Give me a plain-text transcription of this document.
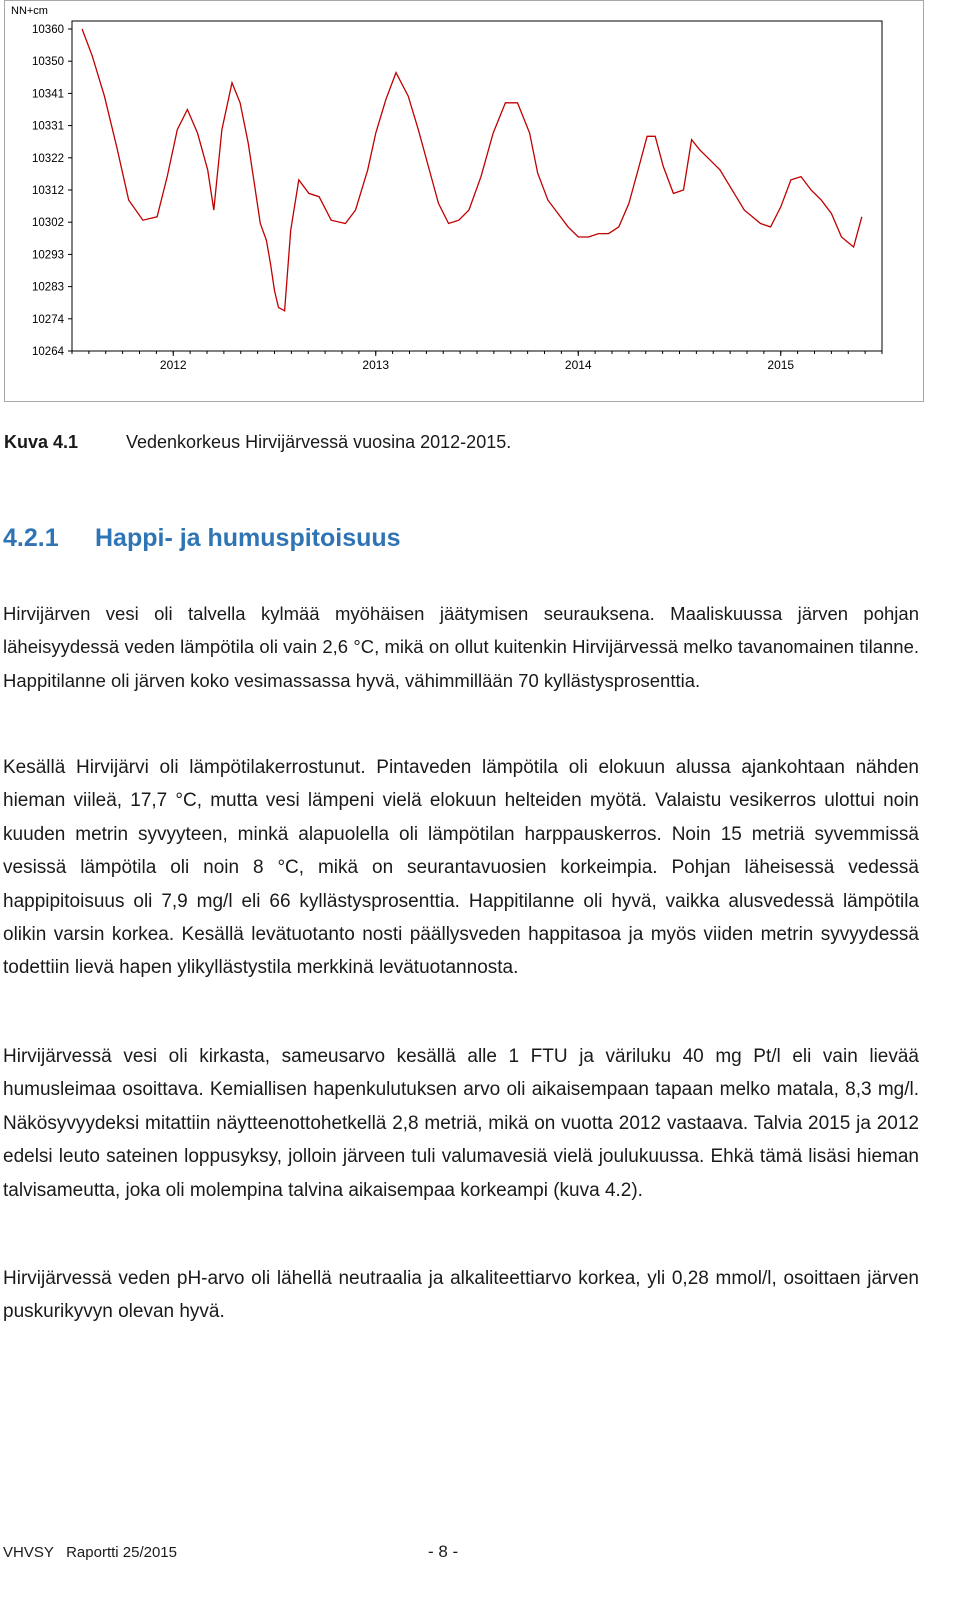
NN+cm
10360
10350
10341
10331
10322
10312
10302
10293
10283
10274
10264
2012	2013	2014	2015
Kuva 4.1	Vedenkorkeus Hirvijärvessä vuosina 2012-2015.
4.2.1 Happi- ja humuspitoisuus

Hirvijärven vesi oli talvella kylmää myöhäisen jäätymisen seurauksena. Maaliskuussa järven pohjan läheisyydessä veden lämpötila oli vain 2,6 °C, mikä on ollut kuitenkin Hirvijärvessä melko tavanomainen tilanne. Happitilanne oli järven koko vesimassassa hyvä, vähimmillään 70 kyllästysprosenttia.

Kesällä Hirvijärvi oli lämpötilakerrostunut. Pintaveden lämpötila oli elokuun alussa ajankohtaan nähden hieman viileä, 17,7 °C, mutta vesi lämpeni vielä elokuun helteiden myötä. Valaistu vesikerros ulottui noin kuuden metrin syvyyteen, minkä alapuolella oli lämpötilan harppauskerros. Noin 15 metriä syvemmissä vesissä lämpötila oli noin 8 °C, mikä on seurantavuosien korkeimpia. Pohjan läheisessä vedessä happipitoisuus oli 7,9 mg/l eli 66 kyllästysprosenttia. Happitilanne oli hyvä, vaikka alusvedessä lämpötila olikin varsin korkea. Kesällä levätuotanto nosti päällysveden happitasoa ja myös viiden metrin syvyydessä todettiin lievä hapen ylikyllästystila merkkinä levätuotannosta.

Hirvijärvessä vesi oli kirkasta, sameusarvo kesällä alle 1 FTU ja väriluku 40 mg Pt/l eli vain lievää humusleimaa osoittava. Kemiallisen hapenkulutuksen arvo oli aikaisempaan tapaan melko matala, 8,3 mg/l. Näkösyvyydeksi mitattiin näytteenottohetkellä 2,8 metriä, mikä on vuotta 2012 vastaava. Talvia 2015 ja 2012 edelsi leuto sateinen loppusyksy, jolloin järveen tuli valumavesiä vielä joulukuussa. Ehkä tämä lisäsi hieman talvisameutta, joka oli molempina talvina aikaisempaa korkeampi (kuva 4.2).

Hirvijärvessä veden pH-arvo oli lähellä neutraalia ja alkaliteettiarvo korkea, yli 0,28 mmol/l, osoittaen järven puskurikyvyn olevan hyvä.

VHVSY   Raportti 25/2015	- 8 -
